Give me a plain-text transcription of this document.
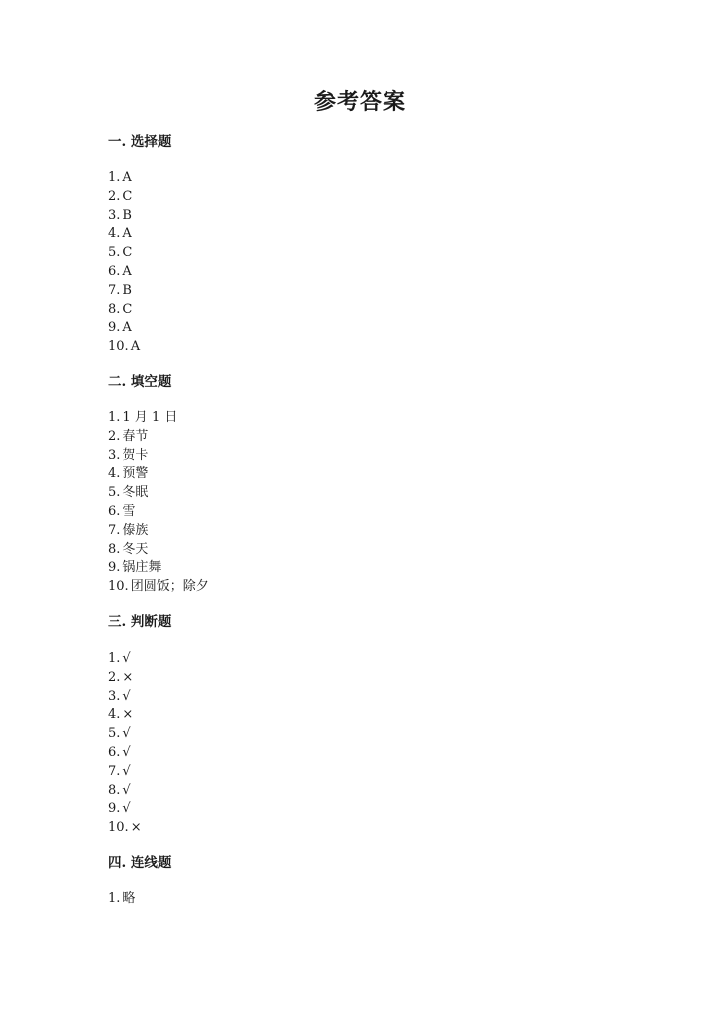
参考答案
一. 选择题
1. A
2. C
3. B
4. A
5. C
6. A
7. B
8. C
9. A
10. A
二. 填空题
1. 1 月 1 日
2. 春节
3. 贺卡
4. 预警
5. 冬眠
6. 雪
7. 傣族
8. 冬天
9. 锅庄舞
10. 团圆饭；除夕
三. 判断题
1. √
2. ×
3. √
4. ×
5. √
6. √
7. √
8. √
9. √
10. ×
四. 连线题
1. 略
